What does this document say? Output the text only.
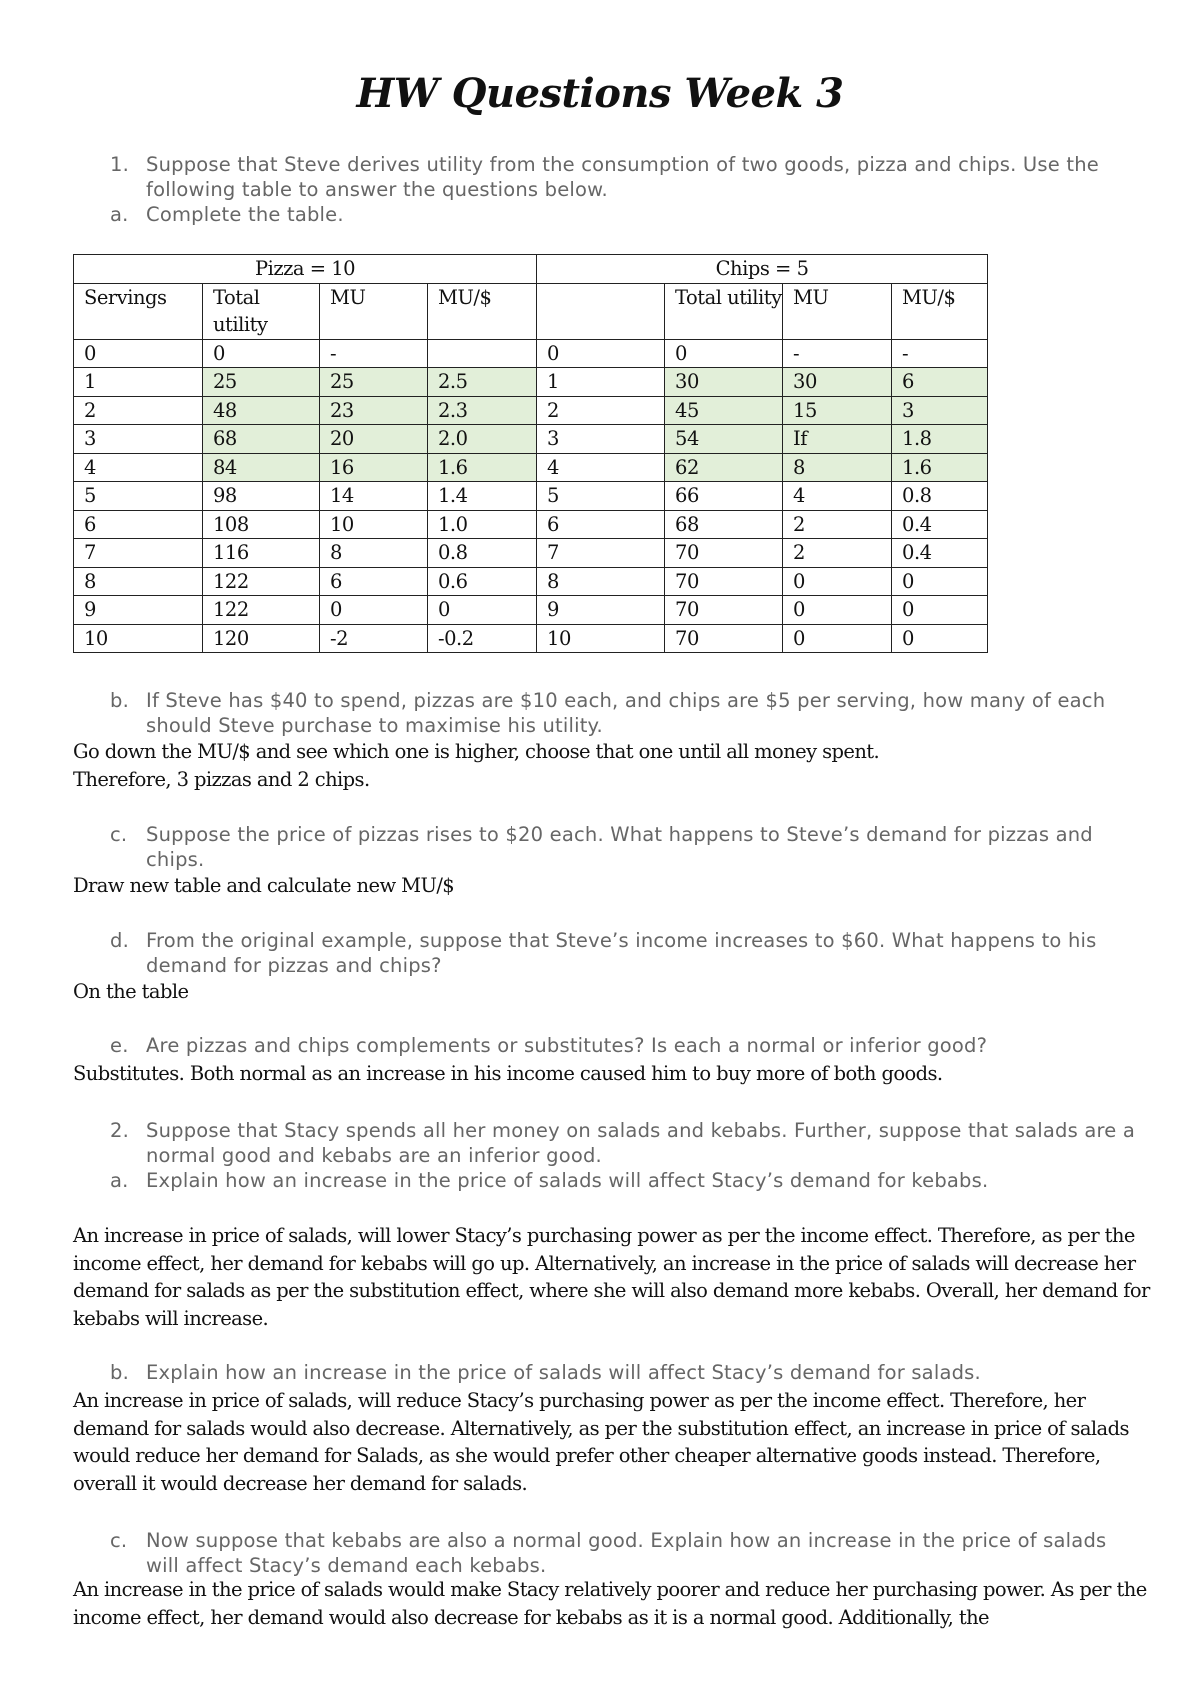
HW Questions Week 3
1. Suppose that Steve derives utility from the consumption of two goods, pizza and chips. Use the following table to answer the questions below.
a. Complete the table.
Pizza = 10				Chips = 5			
Servings	Total utility	MU	MU/$		Total utility	MU	MU/$
0	0	-		0	0	-	-
1	25	25	2.5	1	30	30	6
2	48	23	2.3	2	45	15	3
3	68	20	2.0	3	54	If	1.8
4	84	16	1.6	4	62	8	1.6
5	98	14	1.4	5	66	4	0.8
6	108	10	1.0	6	68	2	0.4
7	116	8	0.8	7	70	2	0.4
8	122	6	0.6	8	70	0	0
9	122	0	0	9	70	0	0
10	120	-2	-0.2	10	70	0	0
b. If Steve has $40 to spend, pizzas are $10 each, and chips are $5 per serving, how many of each should Steve purchase to maximise his utility.
Go down the MU/$ and see which one is higher, choose that one until all money spent.
Therefore, 3 pizzas and 2 chips.
c. Suppose the price of pizzas rises to $20 each. What happens to Steve’s demand for pizzas and chips.
Draw new table and calculate new MU/$
d. From the original example, suppose that Steve’s income increases to $60. What happens to his demand for pizzas and chips?
On the table
e. Are pizzas and chips complements or substitutes? Is each a normal or inferior good?
Substitutes. Both normal as an increase in his income caused him to buy more of both goods.
2. Suppose that Stacy spends all her money on salads and kebabs. Further, suppose that salads are a normal good and kebabs are an inferior good.
a. Explain how an increase in the price of salads will affect Stacy’s demand for kebabs.
An increase in price of salads, will lower Stacy’s purchasing power as per the income effect. Therefore, as per the income effect, her demand for kebabs will go up. Alternatively, an increase in the price of salads will decrease her demand for salads as per the substitution effect, where she will also demand more kebabs. Overall, her demand for kebabs will increase.
b. Explain how an increase in the price of salads will affect Stacy’s demand for salads.
An increase in price of salads, will reduce Stacy’s purchasing power as per the income effect. Therefore, her demand for salads would also decrease. Alternatively, as per the substitution effect, an increase in price of salads would reduce her demand for Salads, as she would prefer other cheaper alternative goods instead. Therefore, overall it would decrease her demand for salads.
c. Now suppose that kebabs are also a normal good. Explain how an increase in the price of salads will affect Stacy’s demand each kebabs.
An increase in the price of salads would make Stacy relatively poorer and reduce her purchasing power. As per the income effect, her demand would also decrease for kebabs as it is a normal good. Additionally, the
